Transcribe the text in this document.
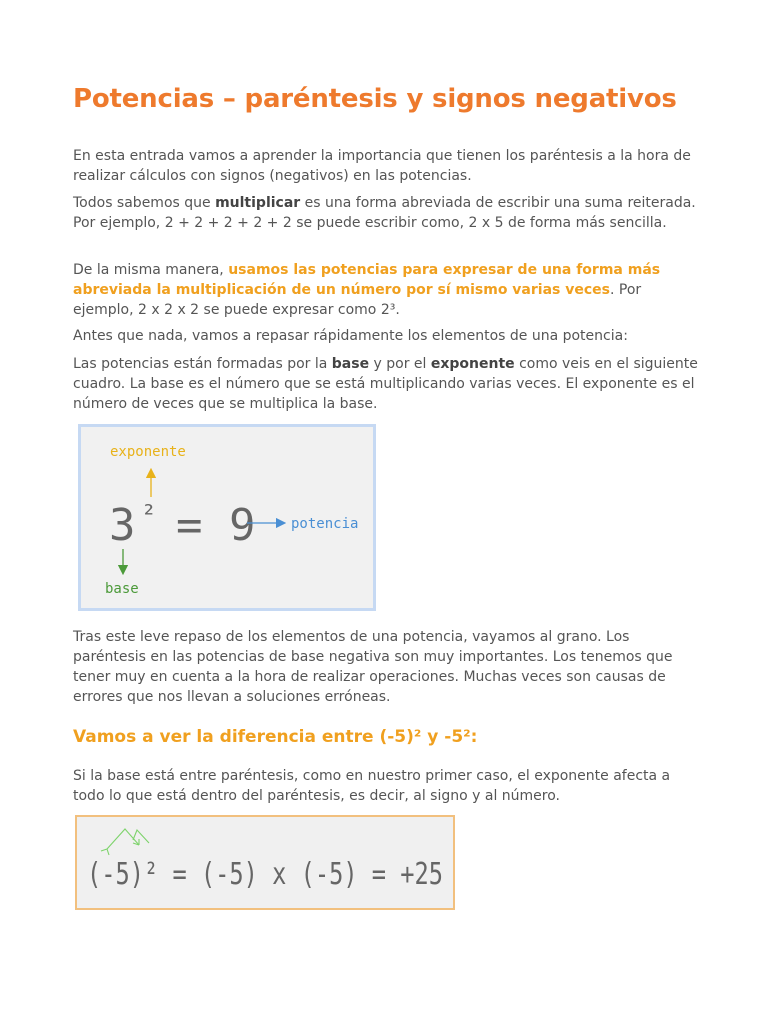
Potencias – paréntesis y signos negativos

En esta entrada vamos a aprender la importancia que tienen los paréntesis a la hora de realizar cálculos con signos (negativos) en las potencias.

Todos sabemos que multiplicar es una forma abreviada de escribir una suma reiterada. Por ejemplo, 2 + 2 + 2 + 2 + 2 se puede escribir como, 2 x 5 de forma más sencilla.

De la misma manera, usamos las potencias para expresar de una forma más abreviada la multiplicación de un número por sí mismo varias veces. Por ejemplo, 2 x 2 x 2 se puede expresar como 2³.

Antes que nada, vamos a repasar rápidamente los elementos de una potencia:

Las potencias están formadas por la base y por el exponente como veis en el siguiente cuadro. La base es el número que se está multiplicando varias veces. El exponente es el número de veces que se multiplica la base.

Tras este leve repaso de los elementos de una potencia, vayamos al grano. Los paréntesis en las potencias de base negativa son muy importantes. Los tenemos que tener muy en cuenta a la hora de realizar operaciones. Muchas veces son causas de errores que nos llevan a soluciones erróneas.

Vamos a ver la diferencia entre (-5)² y -5²:

Si la base está entre paréntesis, como en nuestro primer caso, el exponente afecta a todo lo que está dentro del paréntesis, es decir, al signo y al número.

exponente
3 ² = 9	potencia
base
(-5)² = (-5) x (-5) = +25
